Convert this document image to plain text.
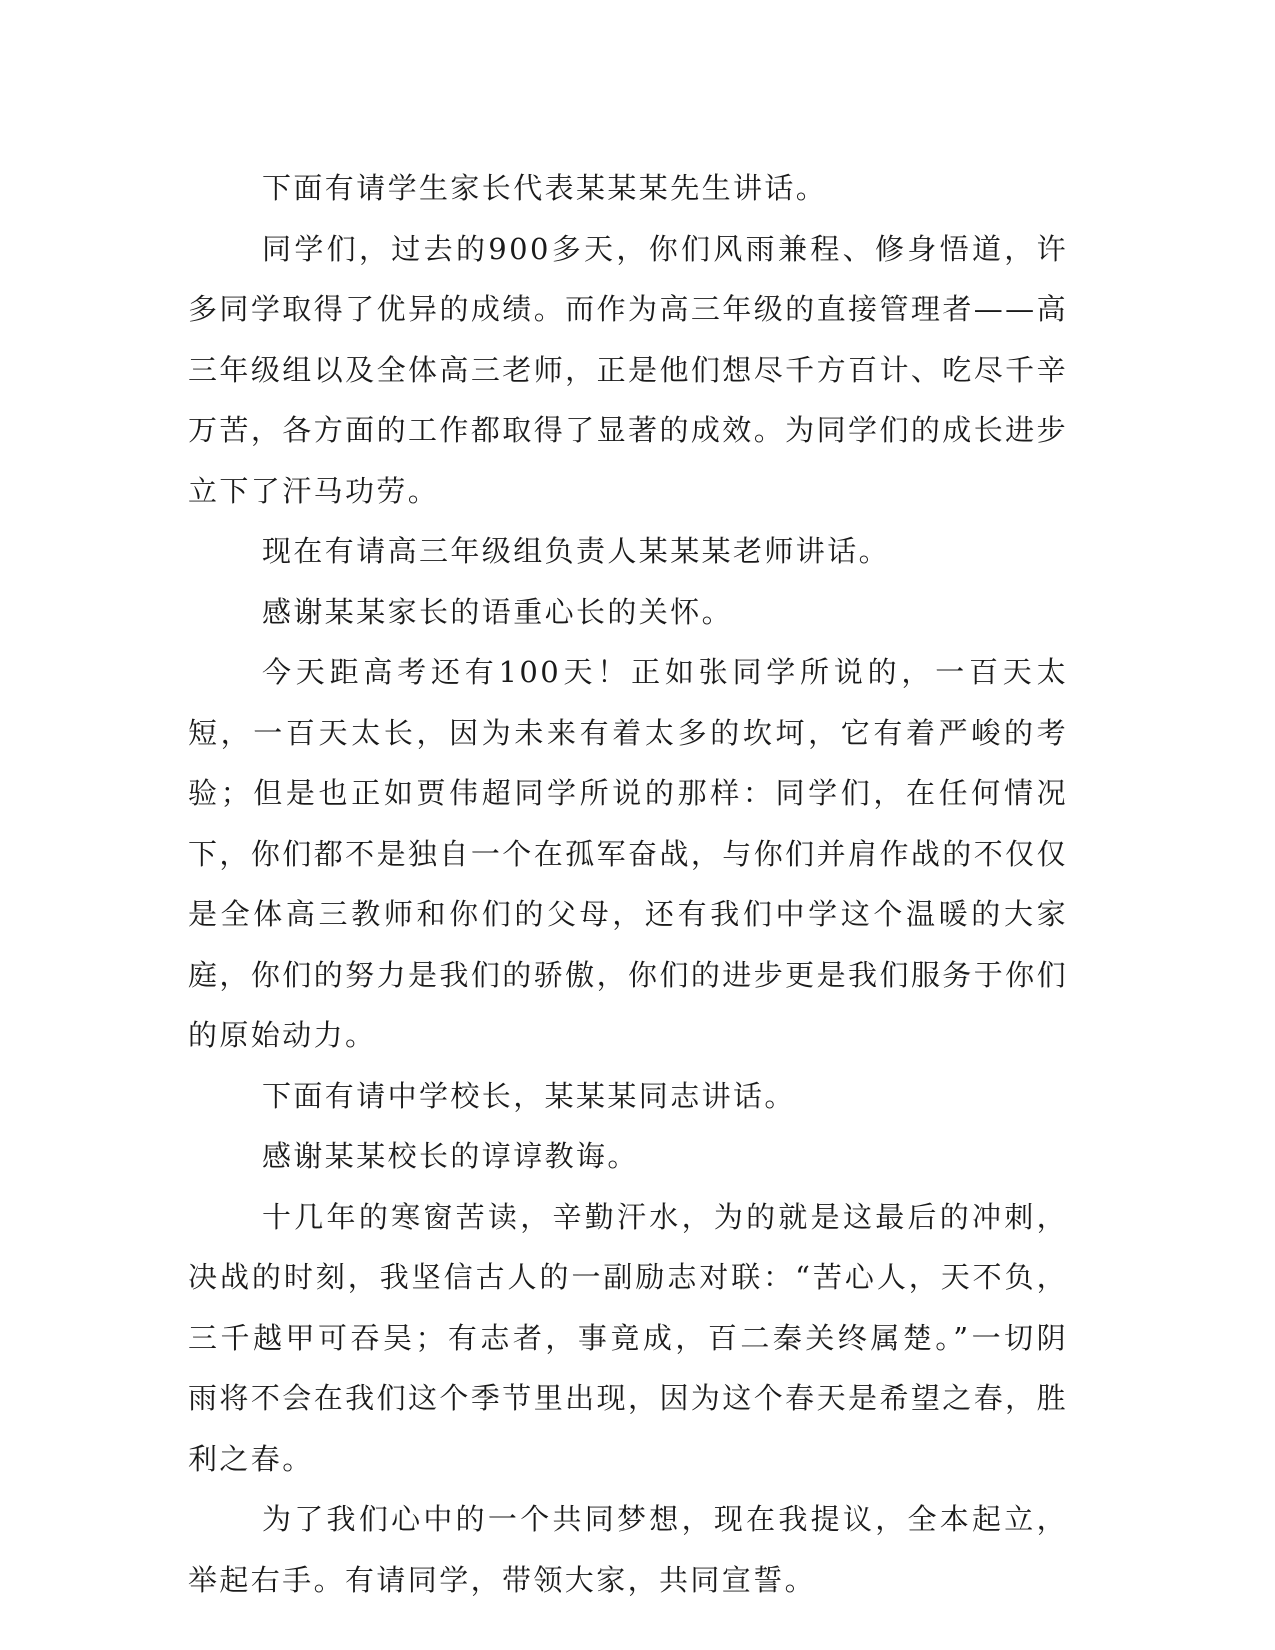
下面有请学生家长代表某某某先生讲话。

同学们，过去的900多天，你们风雨兼程、修身悟道，许多同学取得了优异的成绩。而作为高三年级的直接管理者——高三年级组以及全体高三老师，正是他们想尽千方百计、吃尽千辛万苦，各方面的工作都取得了显著的成效。为同学们的成长进步立下了汗马功劳。

现在有请高三年级组负责人某某某老师讲话。

感谢某某家长的语重心长的关怀。

今天距高考还有100天！正如张同学所说的，一百天太短，一百天太长，因为未来有着太多的坎坷，它有着严峻的考验；但是也正如贾伟超同学所说的那样：同学们，在任何情况下，你们都不是独自一个在孤军奋战，与你们并肩作战的不仅仅是全体高三教师和你们的父母，还有我们中学这个温暖的大家庭，你们的努力是我们的骄傲，你们的进步更是我们服务于你们的原始动力。

下面有请中学校长，某某某同志讲话。

感谢某某校长的谆谆教诲。

十几年的寒窗苦读，辛勤汗水，为的就是这最后的冲刺，决战的时刻，我坚信古人的一副励志对联：“苦心人，天不负，三千越甲可吞吴；有志者，事竟成，百二秦关终属楚。”一切阴雨将不会在我们这个季节里出现，因为这个春天是希望之春，胜利之春。

为了我们心中的一个共同梦想，现在我提议，全本起立，举起右手。有请同学，带领大家，共同宣誓。
